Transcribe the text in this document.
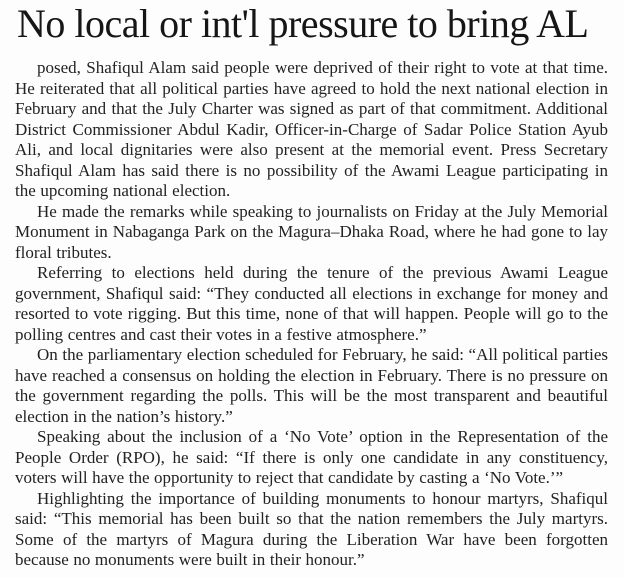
No local or int'l pressure to bring AL

posed, Shafiqul Alam said people were deprived of their right to vote at that time. He reiterated that all political parties have agreed to hold the next national election in February and that the July Charter was signed as part of that commitment. Additional District Commissioner Abdul Kadir, Officer-in-Charge of Sadar Police Station Ayub Ali, and local dignitaries were also present at the memorial event. Press Secretary Shafiqul Alam has said there is no possibility of the Awami League participating in the upcoming national election.

He made the remarks while speaking to journalists on Friday at the July Memorial Monument in Nabaganga Park on the Magura–Dhaka Road, where he had gone to lay floral tributes.

Referring to elections held during the tenure of the previous Awami League government, Shafiqul said: “They conducted all elections in exchange for money and resorted to vote rigging. But this time, none of that will happen. People will go to the polling centres and cast their votes in a festive atmosphere.”

On the parliamentary election scheduled for February, he said: “All political parties have reached a consensus on holding the election in February. There is no pressure on the government regarding the polls. This will be the most transparent and beautiful election in the nation’s history.”

Speaking about the inclusion of a ‘No Vote’ option in the Representation of the People Order (RPO), he said: “If there is only one candidate in any constituency, voters will have the opportunity to reject that candidate by casting a ‘No Vote.’”

Highlighting the importance of building monuments to honour martyrs, Shafiqul said: “This memorial has been built so that the nation remembers the July martyrs. Some of the martyrs of Magura during the Liberation War have been forgotten because no monuments were built in their honour.”
